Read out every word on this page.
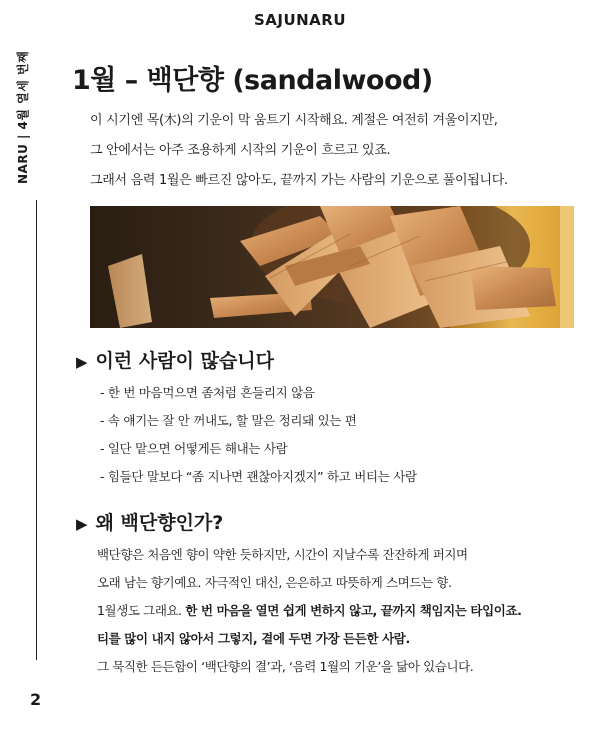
SAJUNARU
NARU | 4월 열세 번째
2
1월 – 백단향 (sandalwood)

이 시기엔 목(木)의 기운이 막 움트기 시작해요. 계절은 여전히 겨울이지만,

그 안에서는 아주 조용하게 시작의 기운이 흐르고 있죠.

그래서 음력 1월은 빠르진 않아도, 끝까지 가는 사람의 기운으로 풀이됩니다.

▶ 이런 사람이 많습니다
- 한 번 마음먹으면 좀처럼 흔들리지 않음
- 속 얘기는 잘 안 꺼내도, 할 말은 정리돼 있는 편
- 일단 맡으면 어떻게든 해내는 사람
- 힘들단 말보다 “좀 지나면 괜찮아지겠지” 하고 버티는 사람
▶ 왜 백단향인가?

백단향은 처음엔 향이 약한 듯하지만, 시간이 지날수록 잔잔하게 퍼지며

오래 남는 향기예요. 자극적인 대신, 은은하고 따뜻하게 스며드는 향.

1월생도 그래요. 한 번 마음을 열면 쉽게 변하지 않고, 끝까지 책임지는 타입이죠.

티를 많이 내지 않아서 그렇지, 곁에 두면 가장 든든한 사람.

그 묵직한 든든함이 ‘백단향의 결’과, ‘음력 1월의 기운’을 닮아 있습니다.
